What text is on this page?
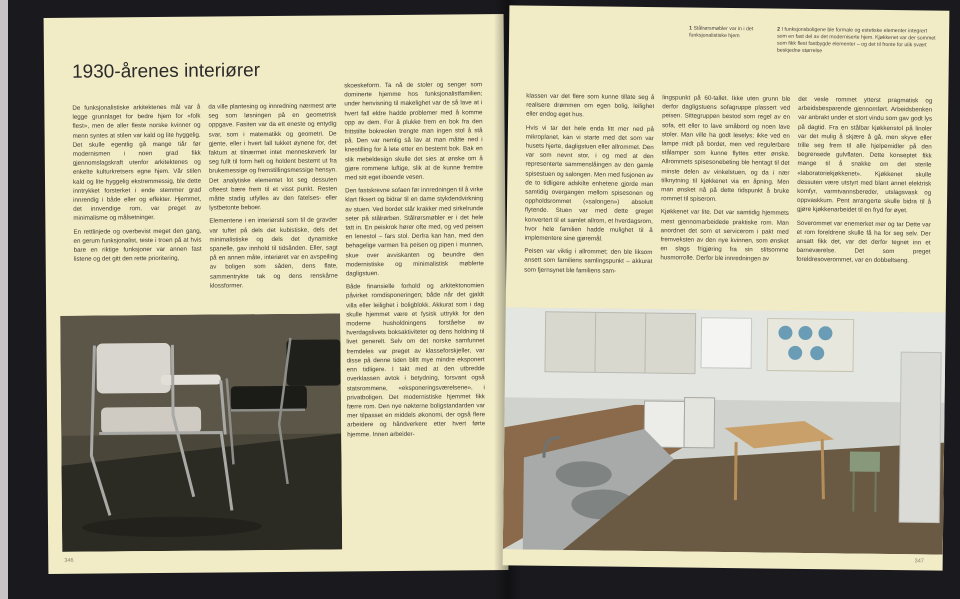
1930-årenes interiører

De funksjonalistiske arkitektenes mål var å legge grunnlaget for bedre hjem for «folk flest», men de aller fleste norske kvinner og menn syntes at stilen var kald og lite hyggelig. Det skulle egentlig gå mange tiår før modernismen i noen grad fikk gjennomslagskraft utenfor arkitektenes og enkelte kulturkretsers egne hjem. Vår stilen kald og lite hyggelig ekstremmessig, ble dette inntrykket forsterket i ende stemmer grad innrendig i både eller og effekter. Hjemmet, det innvendige rom, var preget av minimalisme og målsetninger.

En rettlinjede og overbevist meget den gang, en gerum funksjonalist, teste i troen på at hvis bare en riktige funksjoner var annen fast listene og det gitt den rette prioritering,

da ville plantesing og innredning nærmest arte seg som løsningen på en geometrisk oppgave. Fasiten var da ett eneste og entydig svar, som i matematikk og geometri. De gjente, eller i hvert fall tukket øynene for, det faktum at tilnærmet intet menneskeverk lar seg fullt til form helt og holdent bestemt ut fra brukemessige og fremstillingsmessige hensyn. Det analytiske elementet lot seg dessuten ofteest bære frem til et visst punkt. Resten måtte stadig utfylles av den fatelses- eller lystbetonte beboer.

Elementene i en interiørstil som til de gravder var tuftet på dels det kubistiske, dels det minimalistiske og dels det dynamiske spanelle, gav innhold til tidsånden. Eller, sagt på en annen måte, interiøret var en avspeiling av boligen som såden, dens flate, sammentrykte tak og dens renskårne klossformer.

skoeskeform. Ta nå de stoler og senger som dominerte hjemme hos funksjonalistfamilien; under henvisning til makelighet var de så lave at i hvert fall eldre hadde problemer med å komme opp av dem. For å plukke frem en bok fra den frittstilte bokreolen trengte man ingen stol å stå på. Den var nemlig så lav at man måtte ned i knestilling for å lete etter en bestemt bok. Bak en slik mebeldesign skulle det sies at ønske om å gjøre rommene luftige, slik at de kunne fremtre med sitt eget iboende vesen.

Den fastskrevne sofaen før innredningen til å virke klart fiksert og bidrar til en dame stykdendvirkning av stuen. Ved bordet står krakker med sirkelrunde seter på stålrørben. Stålrørsmøbler er i det hele tatt in. En peiskrok hører ofte med, og ved peisen en lenestol – fars stol. Derfra kan han, med den behagelige varmen fra peisen og pipen i munnen, skue over avviskanten og beundre den modernistiske og minimalistisk møblerte dagligstuen.

Både finansielle forhold og arkitektonomien påvirket romdisponeringen; både når det gjaldt villa eller leilighet i boligblokk. Akkurat som i dag skulle hjemmet være et fysisk uttrykk for den moderne husholdningens forståelse av hverdagslivets boksaktiviteter og dens holdning til livet generelt. Selv om det norske samfunnet fremdeles var preget av klasseforskjeller, var disse på denne tiden blitt mye mindre eksponert enn tidligere. I takt med at den utbredde overklassen avtok i betydning, forsvant også statsrommene, «eksponeringsværelsene», i privatboligen. Det modernistiske hjemmet fikk færre rom. Den nye nøkterne boligstandarden var mer tilpasset en middels økonomi, der også flere arbeidere og håndverkere etter hvert førte hjemme. Innen arbeider-

346
1 Stålrørsmøbler var in i det funksjonalistiske hjem
2 I funksjonsboligene ble formale og estetiske elementer integrert som en fast del av det moderniserte hjem. Kjøkkenet var der sommet som fikk flest fastbygde elementer – og det til fronte for ulik svært beskjedne størrelse

klassen var det flere som kunne tillate seg å realisere drømmen om egen bolig, leilighet eller endog eget hus.

Hvis vi tar det hele enda litt mer ned på mikroplanet, kan vi starte med det som var husets hjerte, dagligstuen eller allrommet. Den var som nevnt stor, i og med at den representerte sammenslåingen av den gamle spisestuen og salongen. Men med fusjonen av de to tidligere adskilte enhetene gjorde man samtidig overgangen mellom spisesonen og oppholdsrommet («salongen») absolutt flytende. Stuen var med dette greget konvertert til et samlet allrom, et hverdagsrom, hvor hele familien hadde mulighet til å implementere sine gjøremål.

Peisen var viktig i allrommet; den ble liksom ansett som familiens samlingspunkt – akkurat som fjernsynet ble familiens sam-

lingspunkt på 60-tallet. Ikke uten grunn ble derfor dagligstuens sofagruppe plassert ved peisen. Sittegruppen bestod som regel av en sofa, ett eller to lave småbord og noen lave stoler. Man ville ha godt leselys; ikke ved en lampe midt på bordet, men ved regulerbare stålamper som kunne flyttes etter ønske. Allrommets spisesonebeting ble hentagt til det minste delen av vinkelstuen, og da i nær tilknytning til kjøkkenet via en åpning. Men man ønsket nå på dette tidspunkt å bruke rommet til spiserom.

Kjøkkenet var lite. Det var samtidig hjemmets mest gjennomarbeidede praktiske rom. Man anordnet det som et servicerom i pakt med fremveksten av den nye kvinnen, som ønsket en slags frigjøring fra sin slitsomme husmorrolle. Derfor ble innredningen av

det vesle rommet ytterst pragmatisk og arbeidsbesparende gjennomført. Arbeidsbenken var anbrakt under et stort vindu som gav godt lys på dagtid. Fra en stålbar kjøkkenstol på linoler var det mulig å skjære å gå, men skyve eller trille seg frem til alle hjelpemidler på den begrensede gulvflaten. Dette konseptet fikk mange til å snakke om det sterile «laboratoriekjøkkenet». Kjøkkenet skulle dessuten være utstyrt med blant annet elektrisk komfyr, varmtvannsbereder, utslagsvask og oppvaskkum. Pent arrangerte skulle bidra til å gjøre kjøkkenarbeidet til en fryd for øyet.

Soverommet var enemerket mer og tar Dette var et rom foreldrene skulle få ha for seg selv. Der ansatt fikk det, var det derfor tegnet inn et barneværelse. Det som preget foreldresoverommet, var en dobbeltseng.

347
